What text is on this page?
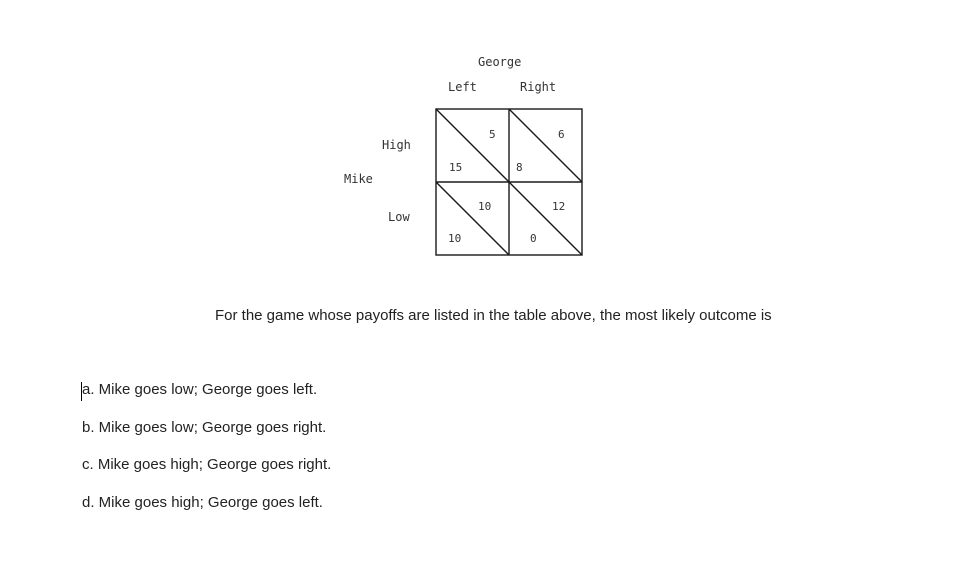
George
Left	Right
Mike
High
Low
5
15
6
8
10
10
12
0
For the game whose payoffs are listed in the table above, the most likely outcome is
a. Mike goes low; George goes left.
b. Mike goes low; George goes right.
c. Mike goes high; George goes right.
d. Mike goes high; George goes left.
